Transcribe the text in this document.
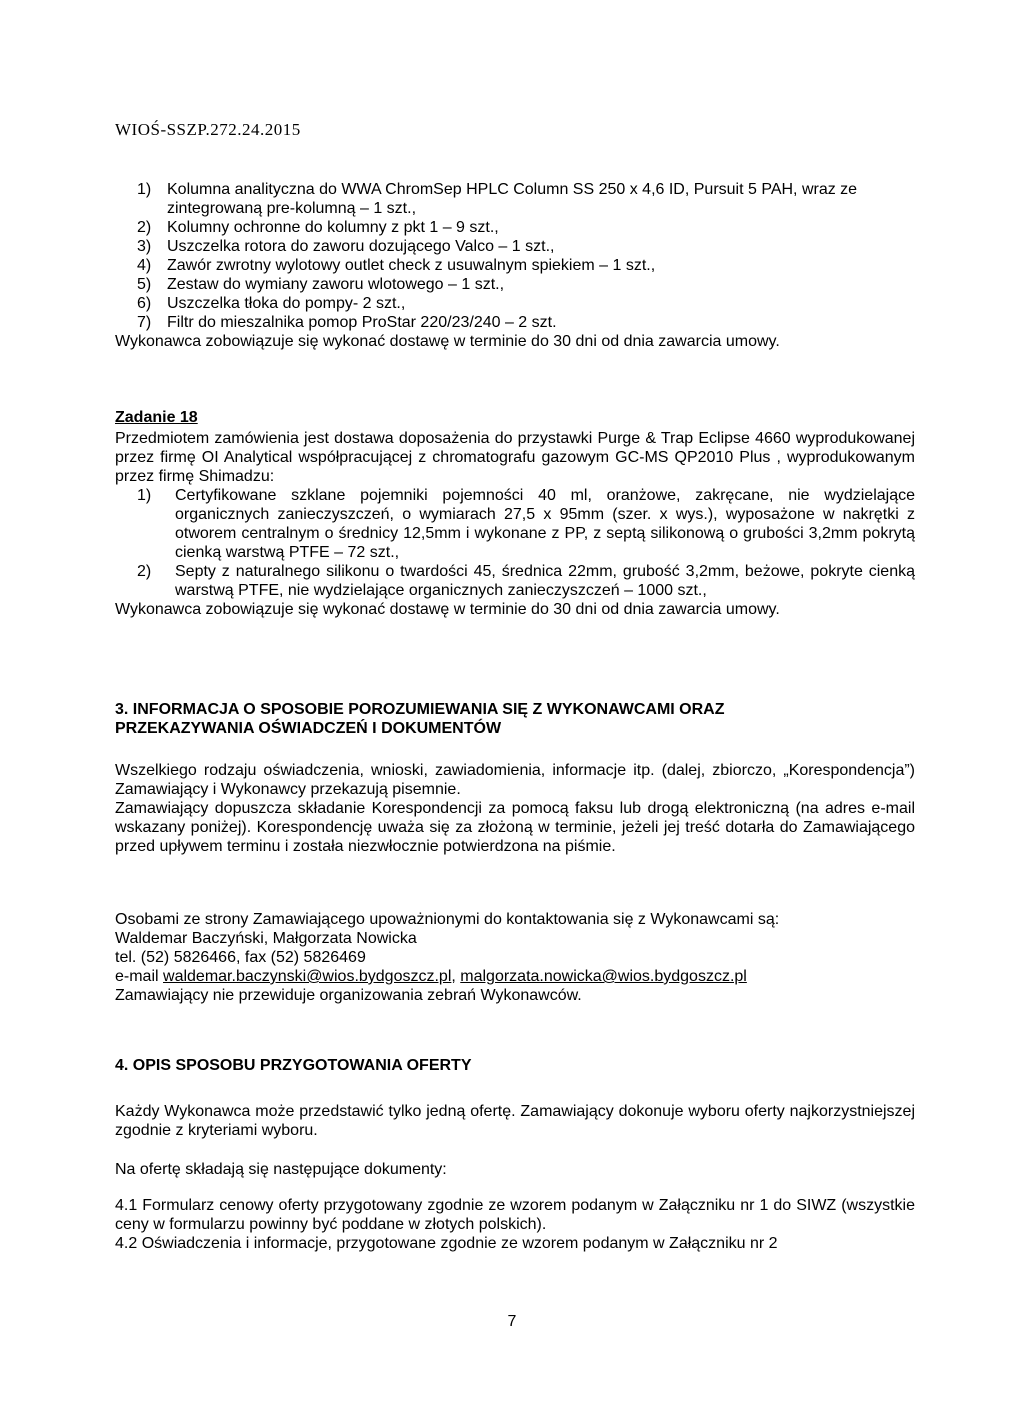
WIOŚ-SSZP.272.24.2015
1) Kolumna analityczna do WWA ChromSep HPLC Column SS 250 x 4,6 ID, Pursuit 5 PAH, wraz ze zintegrowaną pre-kolumną – 1 szt.,
2) Kolumny ochronne do kolumny z pkt 1 – 9 szt.,
3) Uszczelka rotora do zaworu dozującego Valco – 1 szt.,
4) Zawór zwrotny wylotowy outlet check z usuwalnym spiekiem – 1 szt.,
5) Zestaw do wymiany zaworu wlotowego – 1 szt.,
6) Uszczelka tłoka do pompy- 2 szt.,
7) Filtr do mieszalnika pomop ProStar 220/23/240 – 2 szt.

Wykonawca zobowiązuje się wykonać dostawę w terminie do 30 dni od dnia zawarcia umowy.

Zadanie 18

Przedmiotem zamówienia jest dostawa doposażenia do przystawki Purge & Trap Eclipse 4660 wyprodukowanej przez firmę OI Analytical współpracującej z chromatografu gazowym GC-MS QP2010 Plus , wyprodukowanym przez firmę Shimadzu:

1) Certyfikowane szklane pojemniki pojemności 40 ml, oranżowe, zakręcane, nie wydzielające organicznych zanieczyszczeń, o wymiarach 27,5 x 95mm (szer. x wys.), wyposażone w nakrętki z otworem centralnym o średnicy 12,5mm i wykonane z PP, z septą silikonową o grubości 3,2mm pokrytą cienką warstwą PTFE – 72 szt.,
2) Septy z naturalnego silikonu o twardości 45, średnica 22mm, grubość 3,2mm, beżowe, pokryte cienką warstwą PTFE, nie wydzielające organicznych zanieczyszczeń – 1000 szt.,

Wykonawca zobowiązuje się wykonać dostawę w terminie do 30 dni od dnia zawarcia umowy.

3. INFORMACJA O SPOSOBIE POROZUMIEWANIA SIĘ Z WYKONAWCAMI ORAZ

PRZEKAZYWANIA OŚWIADCZEŃ I DOKUMENTÓW

Wszelkiego rodzaju oświadczenia, wnioski, zawiadomienia, informacje itp. (dalej, zbiorczo, „Korespondencja”) Zamawiający i Wykonawcy przekazują pisemnie.

Zamawiający dopuszcza składanie Korespondencji za pomocą faksu lub drogą elektroniczną (na adres e-mail wskazany poniżej). Korespondencję uważa się za złożoną w terminie, jeżeli jej treść dotarła do Zamawiającego przed upływem terminu i została niezwłocznie potwierdzona na piśmie.

Osobami ze strony Zamawiającego upoważnionymi do kontaktowania się z Wykonawcami są:

Waldemar Baczyński, Małgorzata Nowicka

tel. (52) 5826466, fax (52) 5826469

e-mail waldemar.baczynski@wios.bydgoszcz.pl, malgorzata.nowicka@wios.bydgoszcz.pl

Zamawiający nie przewiduje organizowania zebrań Wykonawców.

4. OPIS SPOSOBU PRZYGOTOWANIA OFERTY

Każdy Wykonawca może przedstawić tylko jedną ofertę. Zamawiający dokonuje wyboru oferty najkorzystniejszej zgodnie z kryteriami wyboru.

Na ofertę składają się następujące dokumenty:

4.1 Formularz cenowy oferty przygotowany zgodnie ze wzorem podanym w Załączniku nr 1 do SIWZ (wszystkie ceny w formularzu powinny być poddane w złotych polskich).

4.2 Oświadczenia i informacje, przygotowane zgodnie ze wzorem podanym w Załączniku nr 2

7
